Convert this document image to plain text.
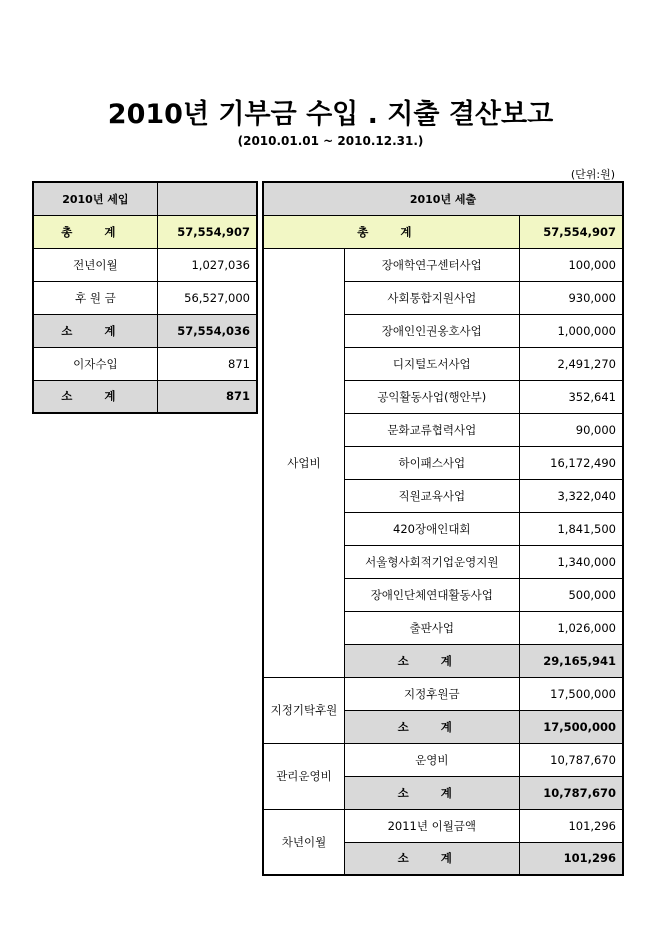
2010년 기부금 수입 . 지출 결산보고
(2010.01.01 ~ 2010.12.31.)
(단위:원)
2010년 세입	
총 계	57,554,907
전년이월	1,027,036
후 원 금	56,527,000
소 계	57,554,036
이자수입	871
소 계	871
2010년 세출		
총 계		57,554,907
사업비	장애학연구센터사업	100,000
	사회통합지원사업	930,000
	장애인인권옹호사업	1,000,000
	디지털도서사업	2,491,270
	공익활동사업(행안부)	352,641
	문화교류협력사업	90,000
	하이패스사업	16,172,490
	직원교육사업	3,322,040
	420장애인대회	1,841,500
	서울형사회적기업운영지원	1,340,000
	장애인단체연대활동사업	500,000
	출판사업	1,026,000
	소 계	29,165,941
지정기탁후원	지정후원금	17,500,000
	소 계	17,500,000
관리운영비	운영비	10,787,670
	소 계	10,787,670
차년이월	2011년 이월금액	101,296
	소 계	101,296
